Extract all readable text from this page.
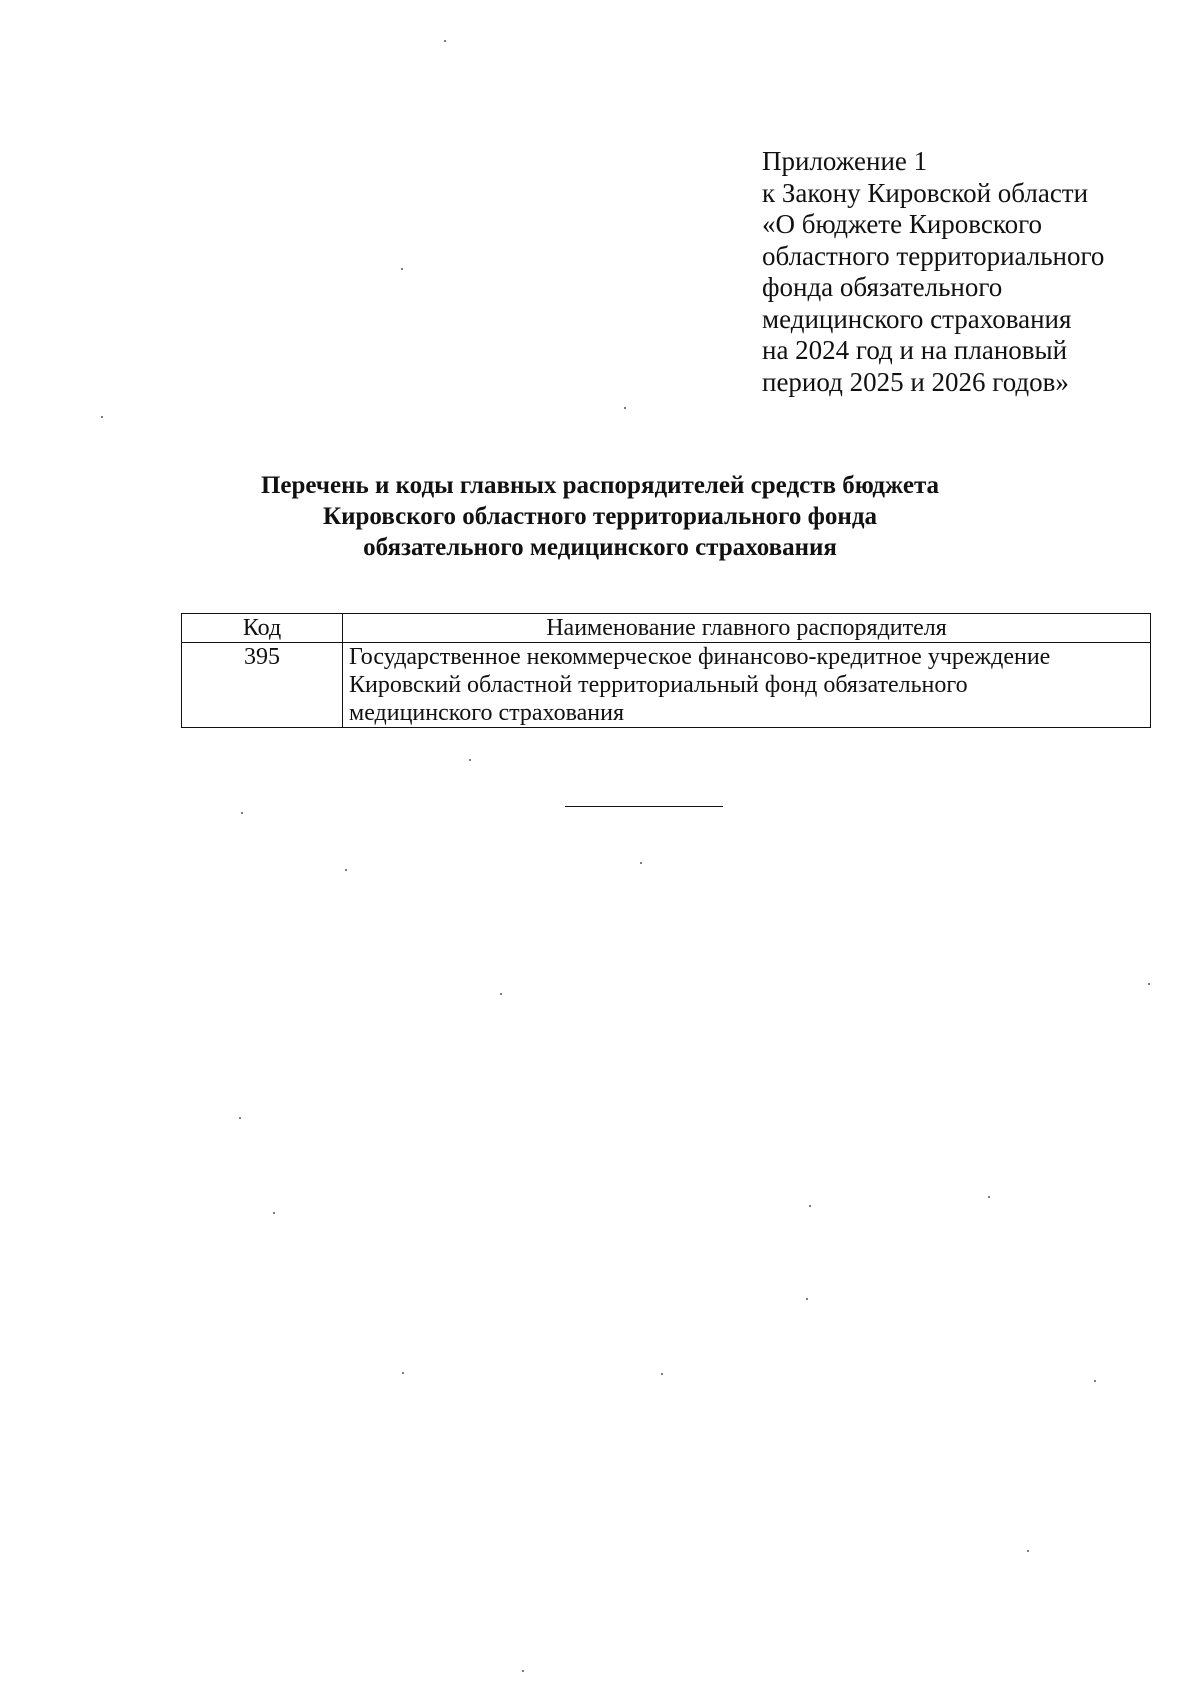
Приложение 1
к Закону Кировской области
«О бюджете Кировского
областного территориального
фонда обязательного
медицинского страхования
на 2024 год и на плановый
период 2025 и 2026 годов»
Перечень и коды главных распорядителей средств бюджета
Кировского областного территориального фонда
обязательного медицинского страхования
Код	Наименование главного распорядителя
395	Государственное некоммерческое финансово-кредитное учреждение
Кировский областной территориальный фонд обязательного
медицинского страхования
